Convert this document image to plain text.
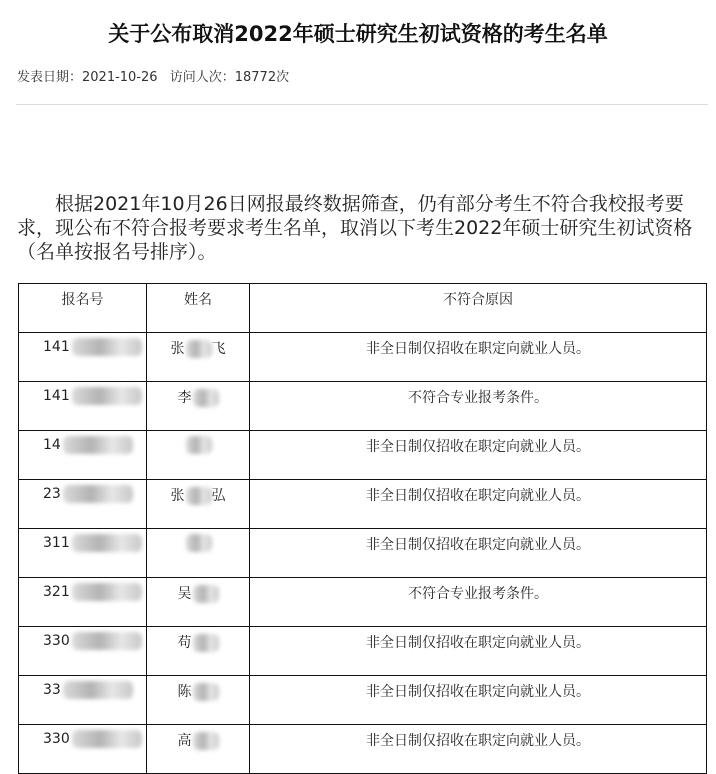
关于公布取消2022年硕士研究生初试资格的考生名单
发表日期：2021-10-26 访问人次：18772次

根据2021年10月26日网报最终数据筛查，仍有部分考生不符合我校报考要求，现公布不符合报考要求考生名单，取消以下考生2022年硕士研究生初试资格（名单按报名号排序）。

报名号	姓名	不符合原因
141	张 飞	非全日制仅招收在职定向就业人员。
141	李	不符合专业报考条件。
14		非全日制仅招收在职定向就业人员。
23	张 弘	非全日制仅招收在职定向就业人员。
311		非全日制仅招收在职定向就业人员。
321	吴	不符合专业报考条件。
330	苟	非全日制仅招收在职定向就业人员。
33	陈	非全日制仅招收在职定向就业人员。
330	高	非全日制仅招收在职定向就业人员。
